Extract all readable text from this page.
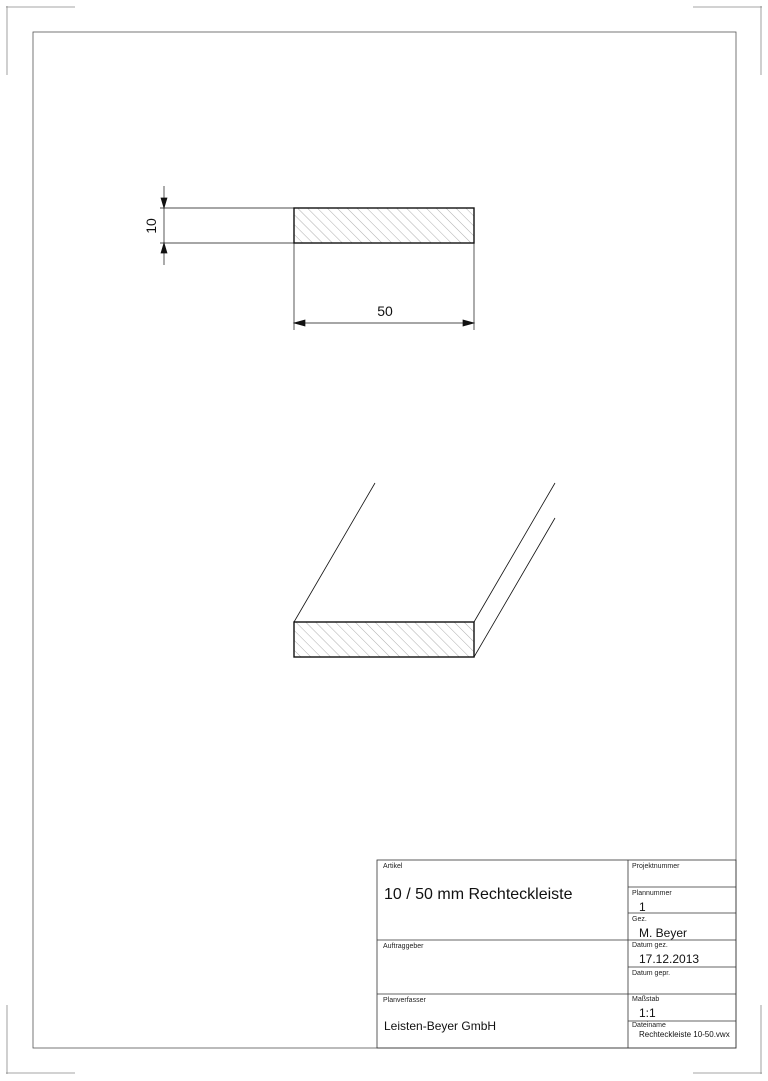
10
50
Artikel
10 / 50 mm Rechteckleiste
Auftraggeber
Planverfasser
Leisten-Beyer GmbH
Projektnummer
Plannummer
1
Gez.
M. Beyer
Datum gez.
17.12.2013
Datum gepr.
Maßstab
1:1
Dateiname
Rechteckleiste 10-50.vwx
